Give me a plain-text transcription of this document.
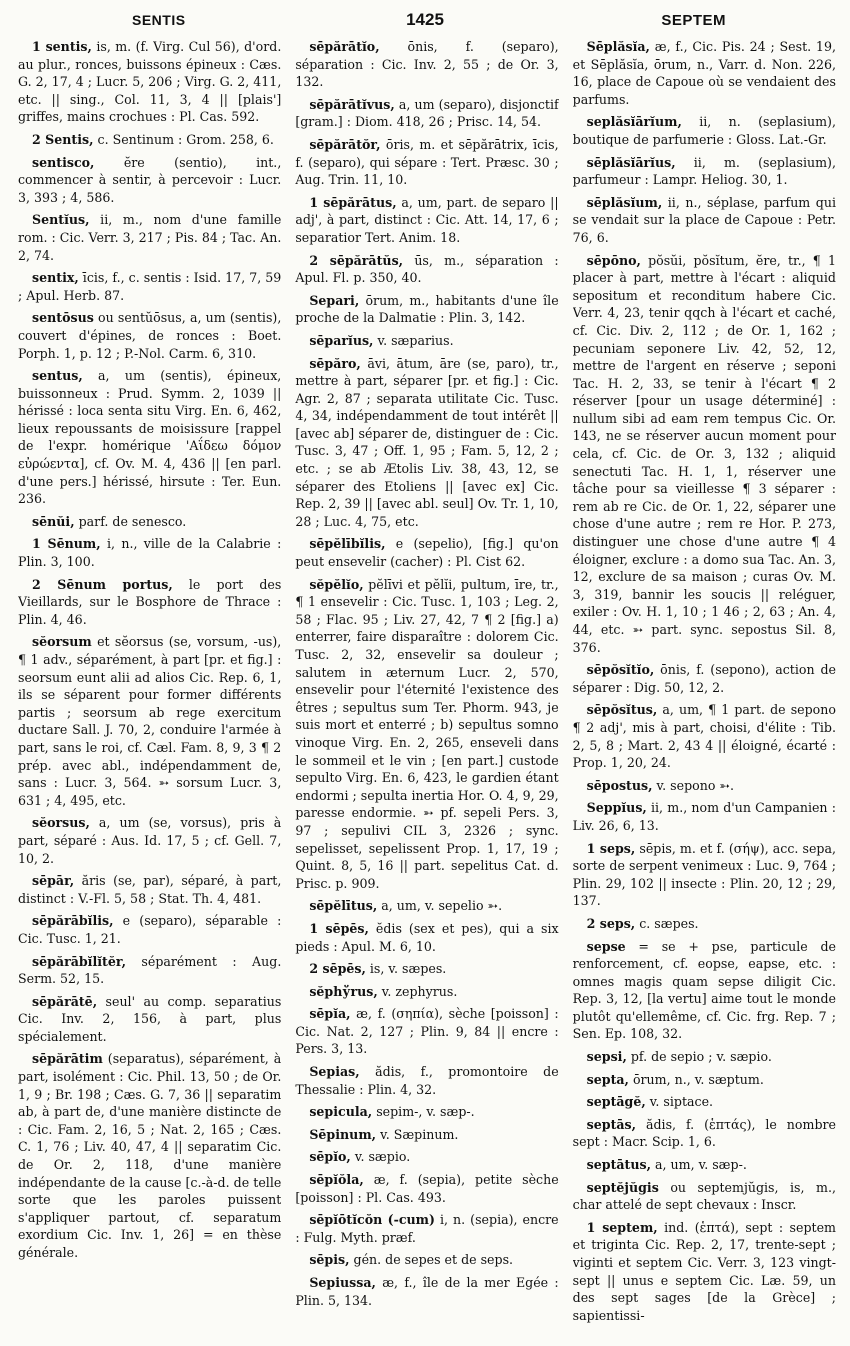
SENTIS	1425	SEPTEM

1 sentis, is, m. (f. Virg. Cul 56), d'ord. au plur., ronces, buissons épineux : Cæs. G. 2, 17, 4 ; Lucr. 5, 206 ; Virg. G. 2, 411, etc. || sing., Col. 11, 3, 4 || [plais'] griffes, mains crochues : Pl. Cas. 592.

2 Sentis, c. Sentinum : Grom. 258, 6.

sentisco, ĕre (sentio), int., commencer à sentir, à percevoir : Lucr. 3, 393 ; 4, 586.

Sentĭus, ii, m., nom d'une famille rom. : Cic. Verr. 3, 217 ; Pis. 84 ; Tac. An. 2, 74.

sentix, īcis, f., c. sentis : Isid. 17, 7, 59 ; Apul. Herb. 87.

sentōsus ou sentŭōsus, a, um (sentis), couvert d'épines, de ronces : Boet. Porph. 1, p. 12 ; P.-Nol. Carm. 6, 310.

sentus, a, um (sentis), épineux, buissonneux : Prud. Symm. 2, 1039 || hérissé : loca senta situ Virg. En. 6, 462, lieux repoussants de moisissure [rappel de l'expr. homérique 'Αΐδεω δόμον εὐρώεντα], cf. Ov. M. 4, 436 || [en parl. d'une pers.] hérissé, hirsute : Ter. Eun. 236.

sēnŭi, parf. de senesco.

1 Sēnum, i, n., ville de la Calabrie : Plin. 3, 100.

2 Sēnum portus, le port des Vieillards, sur le Bosphore de Thrace : Plin. 4, 46.

sĕorsum et sĕorsus (se, vorsum, -us), ¶ 1 adv., séparément, à part [pr. et fig.] : seorsum eunt alii ad alios Cic. Rep. 6, 1, ils se séparent pour former différents partis ; seorsum ab rege exercitum ductare Sall. J. 70, 2, conduire l'armée à part, sans le roi, cf. Cæl. Fam. 8, 9, 3 ¶ 2 prép. avec abl., indépendamment de, sans : Lucr. 3, 564. ➳ sorsum Lucr. 3, 631 ; 4, 495, etc.

sĕorsus, a, um (se, vorsus), pris à part, séparé : Aus. Id. 17, 5 ; cf. Gell. 7, 10, 2.

sēpār, ăris (se, par), séparé, à part, distinct : V.-Fl. 5, 58 ; Stat. Th. 4, 481.

sēpărābĭlis, e (separo), séparable : Cic. Tusc. 1, 21.

sēpărābĭlĭtĕr, séparément : Aug. Serm. 52, 15.

sēpărātē, seul' au comp. separatius Cic. Inv. 2, 156, à part, plus spécialement.

sēpărātim (separatus), séparément, à part, isolément : Cic. Phil. 13, 50 ; de Or. 1, 9 ; Br. 198 ; Cæs. G. 7, 36 || separatim ab, à part de, d'une manière distincte de : Cic. Fam. 2, 16, 5 ; Nat. 2, 165 ; Cæs. C. 1, 76 ; Liv. 40, 47, 4 || separatim Cic. de Or. 2, 118, d'une manière indépendante de la cause [c.-à-d. de telle sorte que les paroles puissent s'appliquer partout, cf. separatum exordium Cic. Inv. 1, 26] = en thèse générale.

sēpărātĭo, ōnis, f. (separo), séparation : Cic. Inv. 2, 55 ; de Or. 3, 132.

sēpărātĭvus, a, um (separo), disjonctif [gram.] : Diom. 418, 26 ; Prisc. 14, 54.

sēpărātŏr, ōris, m. et sēpărātrix, īcis, f. (separo), qui sépare : Tert. Præsc. 30 ; Aug. Trin. 11, 10.

1 sēpărātus, a, um, part. de separo || adj', à part, distinct : Cic. Att. 14, 17, 6 ; separatior Tert. Anim. 18.

2 sēpărātŭs, ūs, m., séparation : Apul. Fl. p. 350, 40.

Separi, ōrum, m., habitants d'une île proche de la Dalmatie : Plin. 3, 142.

sēparĭus, v. sæparius.

sēpăro, āvi, ātum, āre (se, paro), tr., mettre à part, séparer [pr. et fig.] : Cic. Agr. 2, 87 ; separata utilitate Cic. Tusc. 4, 34, indépendamment de tout intérêt || [avec ab] séparer de, distinguer de : Cic. Tusc. 3, 47 ; Off. 1, 95 ; Fam. 5, 12, 2 ; etc. ; se ab Ætolis Liv. 38, 43, 12, se séparer des Etoliens || [avec ex] Cic. Rep. 2, 39 || [avec abl. seul] Ov. Tr. 1, 10, 28 ; Luc. 4, 75, etc.

sēpĕlībĭlis, e (sepelio), [fig.] qu'on peut ensevelir (cacher) : Pl. Cist 62.

sĕpĕlĭo, pĕlīvi et pĕlĭi, pultum, īre, tr., ¶ 1 ensevelir : Cic. Tusc. 1, 103 ; Leg. 2, 58 ; Flac. 95 ; Liv. 27, 42, 7 ¶ 2 [fig.] a) enterrer, faire disparaître : dolorem Cic. Tusc. 2, 32, ensevelir sa douleur ; salutem in æternum Lucr. 2, 570, ensevelir pour l'éternité l'existence des êtres ; sepultus sum Ter. Phorm. 943, je suis mort et enterré ; b) sepultus somno vinoque Virg. En. 2, 265, enseveli dans le sommeil et le vin ; [en part.] custode sepulto Virg. En. 6, 423, le gardien étant endormi ; sepulta inertia Hor. O. 4, 9, 29, paresse endormie. ➳ pf. sepeli Pers. 3, 97 ; sepulivi CIL 3, 2326 ; sync. sepelisset, sepelissent Prop. 1, 17, 19 ; Quint. 8, 5, 16 || part. sepelitus Cat. d. Prisc. p. 909.

sēpĕlītus, a, um, v. sepelio ➳.

1 sēpēs, ĕdis (sex et pes), qui a six pieds : Apul. M. 6, 10.

2 sēpēs, is, v. sæpes.

sĕphўrus, v. zephyrus.

sēpĭa, æ, f. (σηπία), sèche [poisson] : Cic. Nat. 2, 127 ; Plin. 9, 84 || encre : Pers. 3, 13.

Sepias, ădis, f., promontoire de Thessalie : Plin. 4, 32.

sepicula, sepim-, v. sæp-.

Sēpinum, v. Sæpinum.

sēpĭo, v. sæpio.

sēpĭŏla, æ, f. (sepia), petite sèche [poisson] : Pl. Cas. 493.

sēpĭōtĭcŏn (-cum) i, n. (sepia), encre : Fulg. Myth. præf.

sēpis, gén. de sepes et de seps.

Sepiussa, æ, f., île de la mer Egée : Plin. 5, 134.

Sēplăsĭa, æ, f., Cic. Pis. 24 ; Sest. 19, et Sēplăsĭa, ōrum, n., Varr. d. Non. 226, 16, place de Capoue où se vendaient des parfums.

seplăsĭārĭum, ii, n. (seplasium), boutique de parfumerie : Gloss. Lat.-Gr.

sēplăsĭārĭus, ii, m. (seplasium), parfumeur : Lampr. Heliog. 30, 1.

sēplăsĭum, ii, n., séplase, parfum qui se vendait sur la place de Capoue : Petr. 76, 6.

sēpōno, pŏsŭi, pŏsĭtum, ĕre, tr., ¶ 1 placer à part, mettre à l'écart : aliquid sepositum et reconditum habere Cic. Verr. 4, 23, tenir qqch à l'écart et caché, cf. Cic. Div. 2, 112 ; de Or. 1, 162 ; pecuniam seponere Liv. 42, 52, 12, mettre de l'argent en réserve ; seponi Tac. H. 2, 33, se tenir à l'écart ¶ 2 réserver [pour un usage déterminé] : nullum sibi ad eam rem tempus Cic. Or. 143, ne se réserver aucun moment pour cela, cf. Cic. de Or. 3, 132 ; aliquid senectuti Tac. H. 1, 1, réserver une tâche pour sa vieillesse ¶ 3 séparer : rem ab re Cic. de Or. 1, 22, séparer une chose d'une autre ; rem re Hor. P. 273, distinguer une chose d'une autre ¶ 4 éloigner, exclure : a domo sua Tac. An. 3, 12, exclure de sa maison ; curas Ov. M. 3, 319, bannir les soucis || reléguer, exiler : Ov. H. 1, 10 ; 1 46 ; 2, 63 ; An. 4, 44, etc. ➳ part. sync. sepostus Sil. 8, 376.

sēpŏsĭtĭo, ōnis, f. (sepono), action de séparer : Dig. 50, 12, 2.

sēpŏsĭtus, a, um, ¶ 1 part. de sepono ¶ 2 adj', mis à part, choisi, d'élite : Tib. 2, 5, 8 ; Mart. 2, 43 4 || éloigné, écarté : Prop. 1, 20, 24.

sēpostus, v. sepono ➳.

Seppĭus, ii, m., nom d'un Campanien : Liv. 26, 6, 13.

1 seps, sēpis, m. et f. (σήψ), acc. sepa, sorte de serpent venimeux : Luc. 9, 764 ; Plin. 29, 102 || insecte : Plin. 20, 12 ; 29, 137.

2 seps, c. sæpes.

sepse = se + pse, particule de renforcement, cf. eopse, eapse, etc. : omnes magis quam sepse diligit Cic. Rep. 3, 12, [la vertu] aime tout le monde plutôt qu'ellemême, cf. Cic. frg. Rep. 7 ; Sen. Ep. 108, 32.

sepsi, pf. de sepio ; v. sæpio.

septa, ōrum, n., v. sæptum.

septāgĕ, v. siptace.

septās, ădis, f. (ἑπτάς), le nombre sept : Macr. Scip. 1, 6.

septātus, a, um, v. sæp-.

septĕjŭgis ou septemjŭgis, is, m., char attelé de sept chevaux : Inscr.

1 septem, ind. (ἑπτά), sept : septem et triginta Cic. Rep. 2, 17, trente-sept ; viginti et septem Cic. Verr. 3, 123 vingt-sept || unus e septem Cic. Læ. 59, un des sept sages [de la Grèce] ; sapientissi-
